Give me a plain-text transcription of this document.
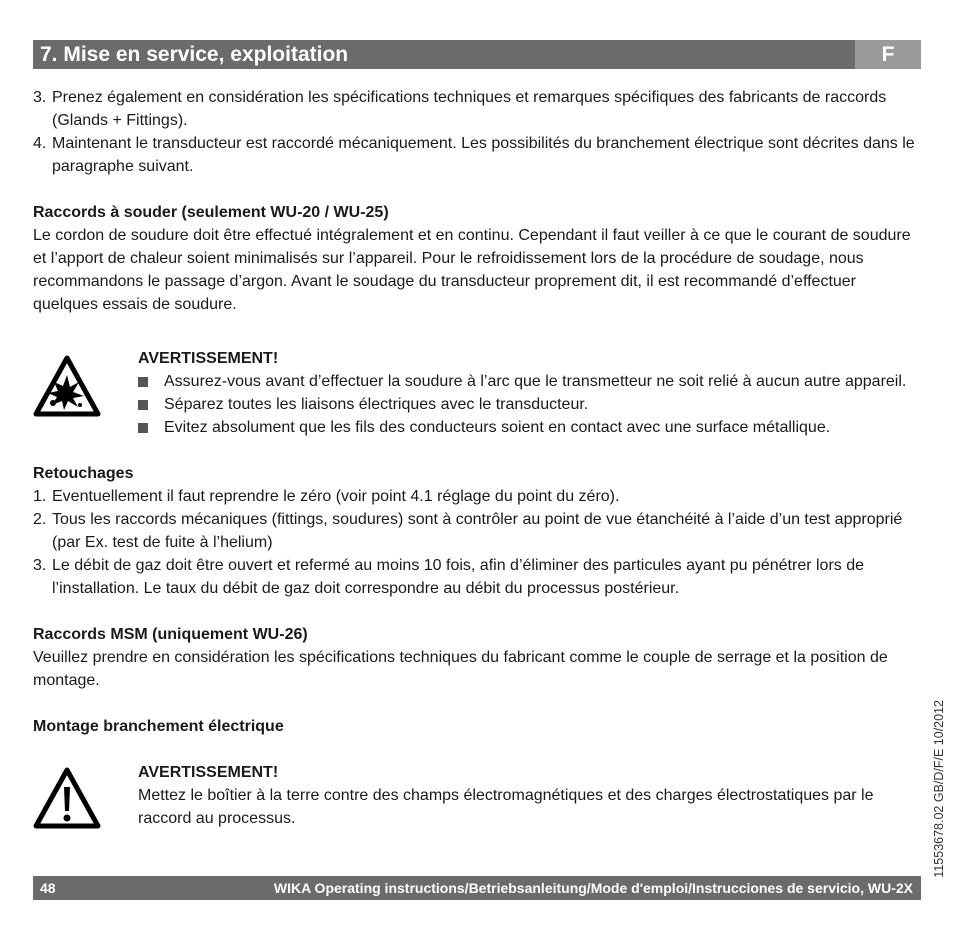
7. Mise en service, exploitation	F

3. Prenez également en considération les spécifications techniques et remarques spécifiques des fabricants de raccords (Glands + Fittings).

4. Maintenant le transducteur est raccordé mécaniquement. Les possibilités du branchement électrique sont décrites dans le paragraphe suivant.

Raccords à souder (seulement WU-20 / WU-25)

Le cordon de soudure doit être effectué intégralement et en continu. Cependant il faut veiller à ce que le courant de soudure et l’apport de chaleur soient minimalisés sur l’appareil. Pour le refroidissement lors de la procédure de soudage, nous recommandons le passage d’argon. Avant le soudage du transducteur proprement dit, il est recommandé d’effectuer quelques essais de soudure.

AVERTISSEMENT!

Assurez-vous avant d’effectuer la soudure à l’arc que le transmetteur ne soit relié à aucun autre appareil.

Séparez toutes les liaisons électriques avec le transducteur.

Evitez absolument que les fils des conducteurs soient en contact avec une surface métallique.

Retouchages

1. Eventuellement il faut reprendre le zéro (voir point 4.1 réglage du point du zéro).

2. Tous les raccords mécaniques (fittings, soudures) sont à contrôler au point de vue étanchéité à l’aide d’un test approprié (par Ex. test de fuite à l’helium)

3. Le débit de gaz doit être ouvert et refermé au moins 10 fois, afin d’éliminer des particules ayant pu pénétrer lors de l’installation. Le taux du débit de gaz doit correspondre au débit du processus postérieur.

Raccords MSM (uniquement WU-26)

Veuillez prendre en considération les spécifications techniques du fabricant comme le couple de serrage et la position de montage.

Montage branchement électrique
AVERTISSEMENT!

Mettez le boîtier à la terre contre des champs électromagnétiques et des charges électrostatiques par le raccord au processus.

48	WIKA Operating instructions/Betriebsanleitung/Mode d'emploi/Instrucciones de servicio, WU-2X
11553678.02 GB/D/F/E 10/2012
